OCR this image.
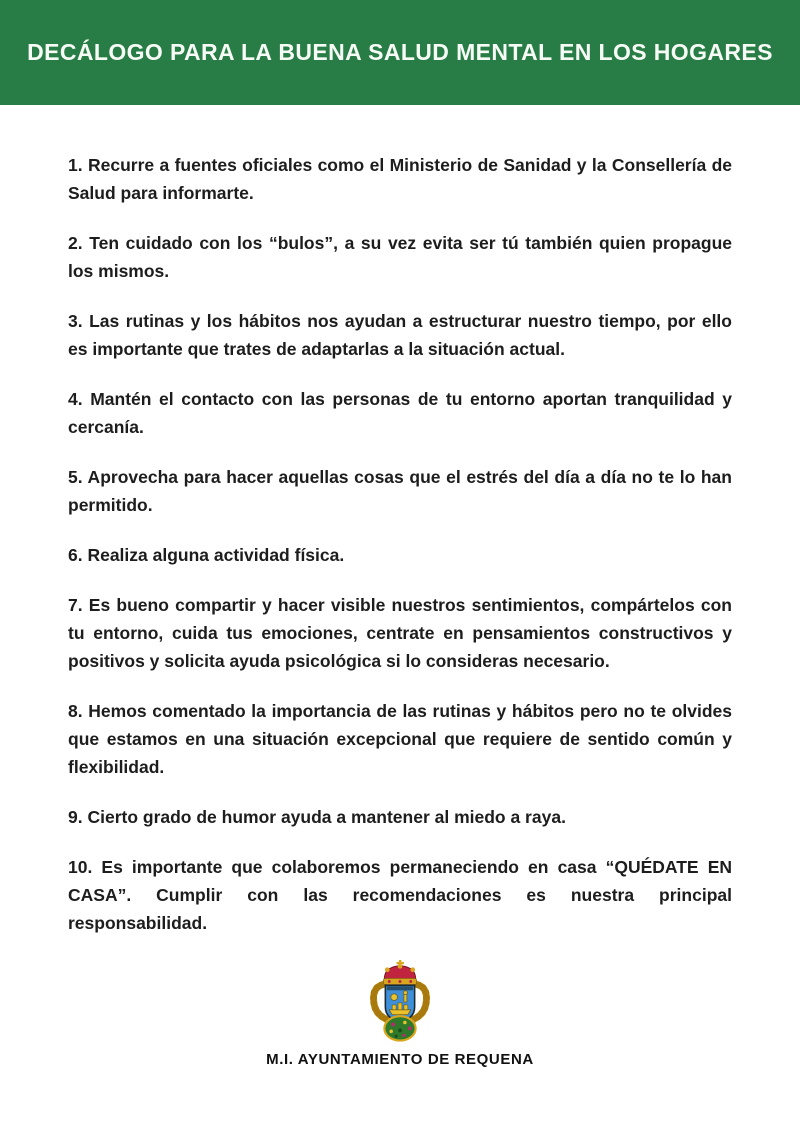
DECÁLOGO PARA LA BUENA SALUD MENTAL EN LOS HOGARES

1. Recurre a fuentes oficiales como el Ministerio de Sanidad y la Consellería de Salud para informarte.

2. Ten cuidado con los “bulos”, a su vez evita ser tú también quien propague los mismos.

3. Las rutinas y los hábitos nos ayudan a estructurar nuestro tiempo, por ello es importante que trates de adaptarlas a la situación actual.

4. Mantén el contacto con las personas de tu entorno aportan tranquilidad y cercanía.

5. Aprovecha para hacer aquellas cosas que el estrés del día a día no te lo han permitido.

6. Realiza alguna actividad física.

7. Es bueno compartir y hacer visible nuestros sentimientos, compártelos con tu entorno, cuida tus emociones, centrate en pensamientos constructivos y positivos y solicita ayuda psicológica si lo consideras necesario.

8. Hemos comentado la importancia de las rutinas y hábitos pero no te olvides que estamos en una situación excepcional que requiere de sentido común y flexibilidad.

9. Cierto grado de humor ayuda a mantener al miedo a raya.

10. Es importante que colaboremos permaneciendo en casa “QUÉDATE EN CASA”. Cumplir con las recomendaciones es nuestra principal responsabilidad.

M.I. AYUNTAMIENTO DE REQUENA
